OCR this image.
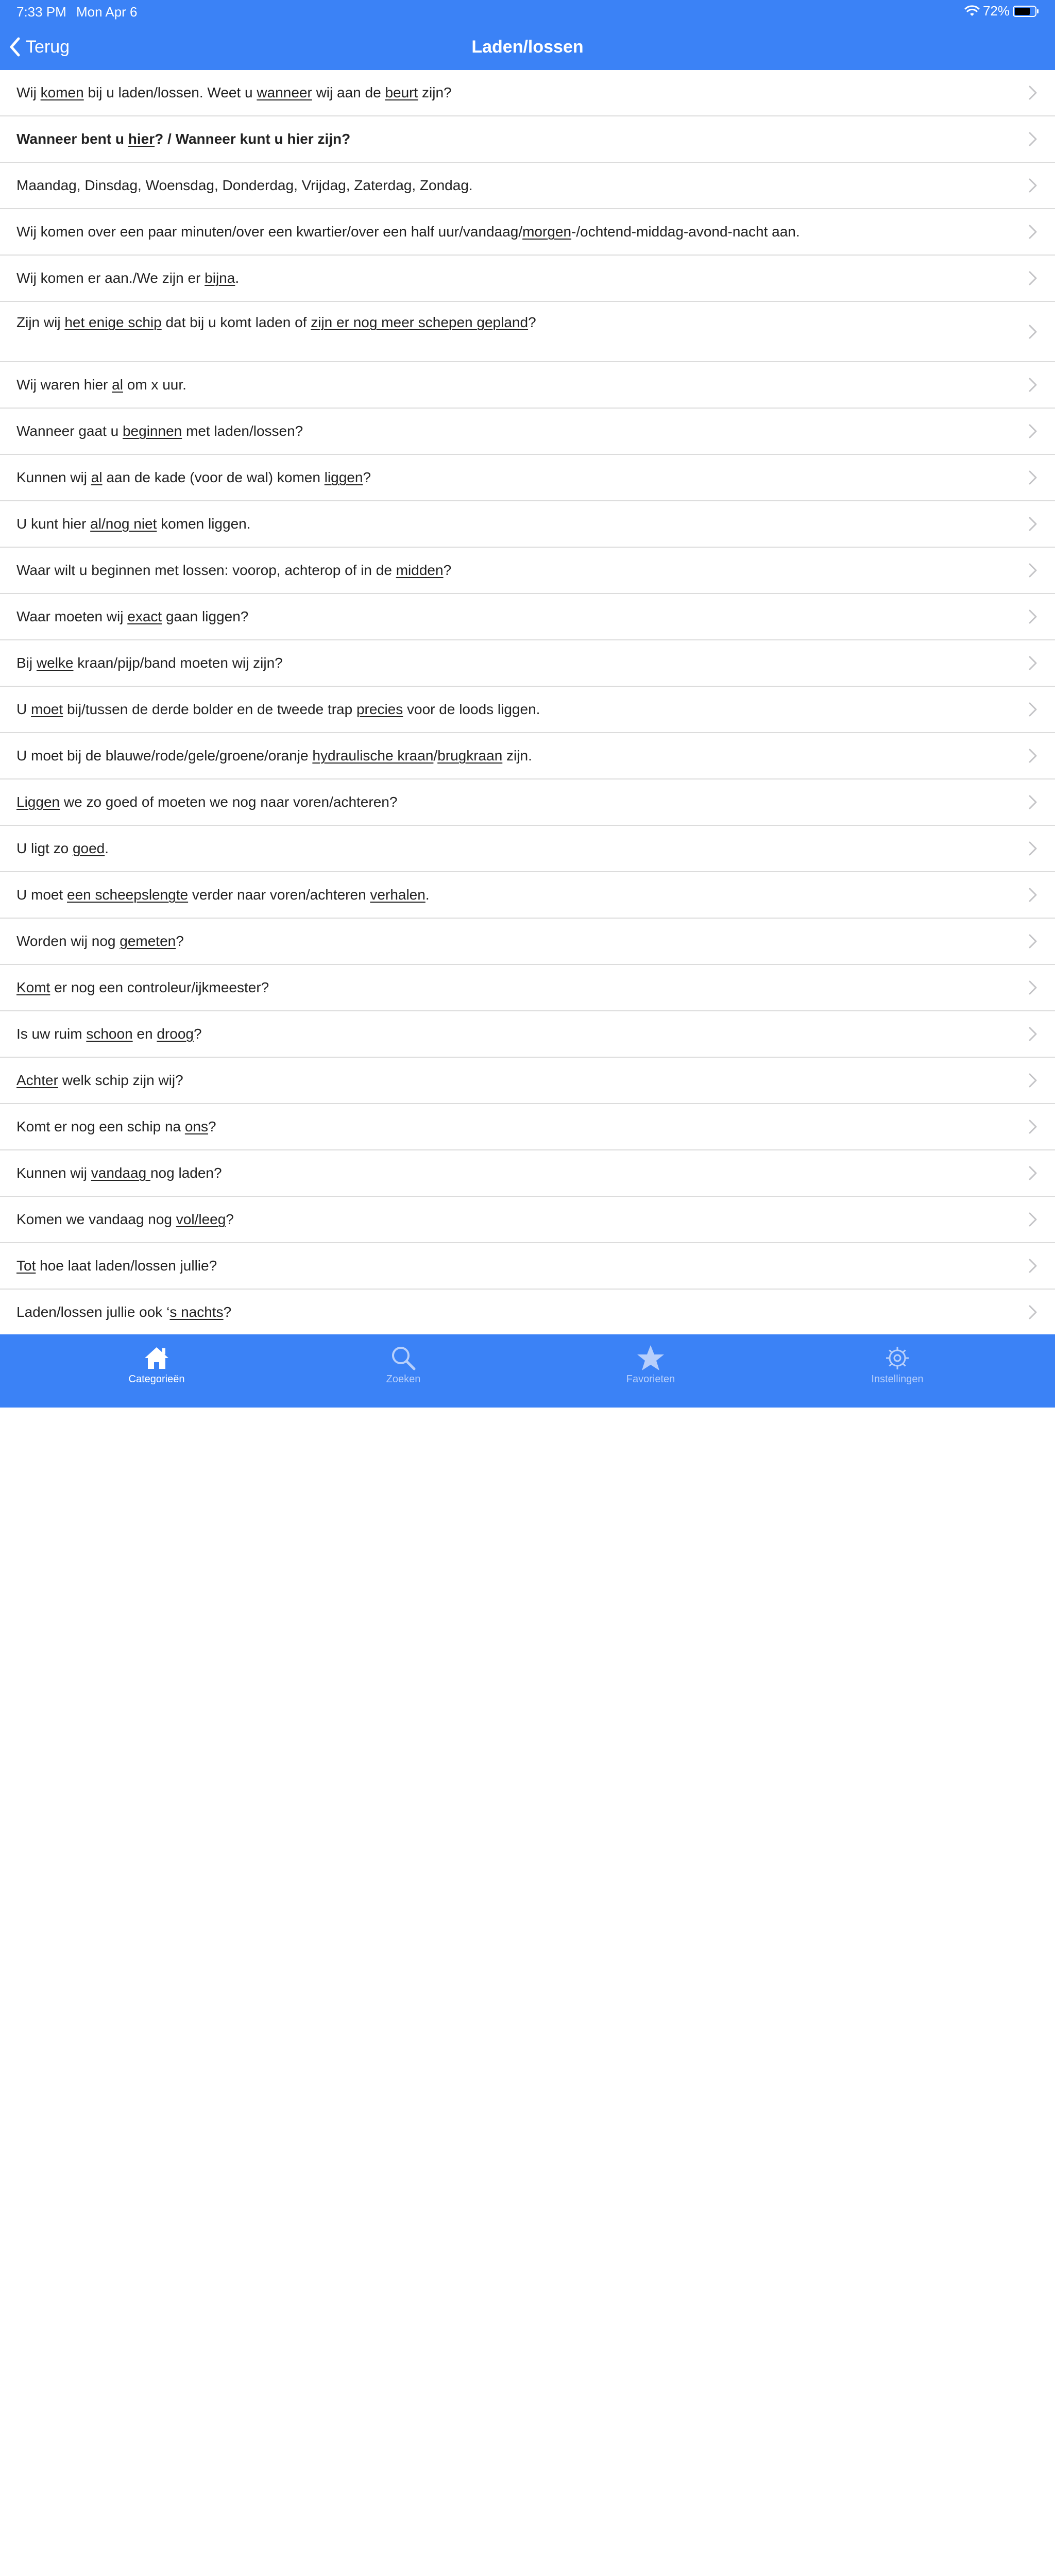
7:33 PM Mon Apr 6	72%
Terug	Laden/lossen
Wij komen bij u laden/lossen. Weet u wanneer wij aan de beurt zijn?
Wanneer bent u hier? / Wanneer kunt u hier zijn?
Maandag, Dinsdag, Woensdag, Donderdag, Vrijdag, Zaterdag, Zondag.
Wij komen over een paar minuten/over een kwartier/over een half uur/vandaag/morgen-/ochtend-middag-avond-nacht aan.
Wij komen er aan./We zijn er bijna.
Zijn wij het enige schip dat bij u komt laden of zijn er nog meer schepen gepland?
Wij waren hier al om x uur.
Wanneer gaat u beginnen met laden/lossen?
Kunnen wij al aan de kade (voor de wal) komen liggen?
U kunt hier al/nog niet komen liggen.
Waar wilt u beginnen met lossen: voorop, achterop of in de midden?
Waar moeten wij exact gaan liggen?
Bij welke kraan/pijp/band moeten wij zijn?
U moet bij/tussen de derde bolder en de tweede trap precies voor de loods liggen.
U moet bij de blauwe/rode/gele/groene/oranje hydraulische kraan/brugkraan zijn.
Liggen we zo goed of moeten we nog naar voren/achteren?
U ligt zo goed.
U moet een scheepslengte verder naar voren/achteren verhalen.
Worden wij nog gemeten?
Komt er nog een controleur/ijkmeester?
Is uw ruim schoon en droog?
Achter welk schip zijn wij?
Komt er nog een schip na ons?
Kunnen wij vandaag nog laden?
Komen we vandaag nog vol/leeg?
Tot hoe laat laden/lossen jullie?
Laden/lossen jullie ook ‘s nachts?
Categorieën	Zoeken	Favorieten	Instellingen
